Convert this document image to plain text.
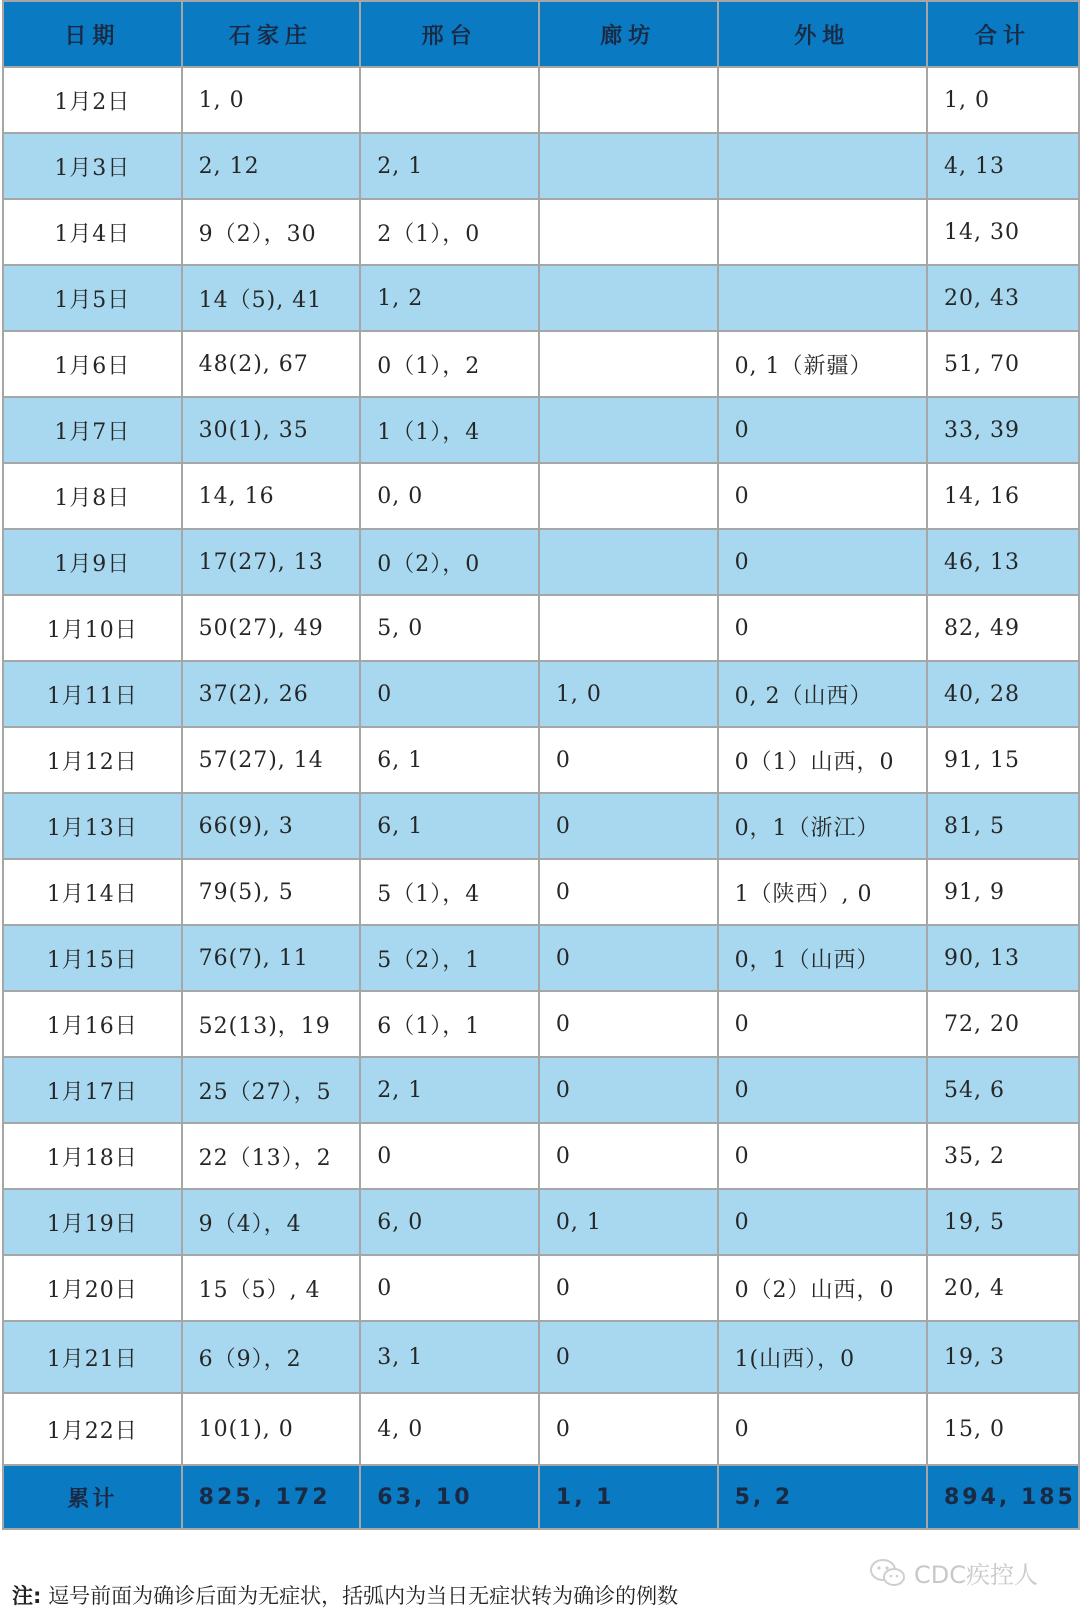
日期	石家庄	邢台	廊坊	外地	合计
1月2日	1, 0				1, 0
1月3日	2, 12	2, 1			4, 13
1月4日	9（2），30	2（1），0			14, 30
1月5日	14（5), 41	1, 2			20, 43
1月6日	48(2), 67	0（1），2		0, 1（新疆）	51, 70
1月7日	30(1), 35	1（1），4		0	33, 39
1月8日	14, 16	0, 0		0	14, 16
1月9日	17(27), 13	0（2），0		0	46, 13
1月10日	50(27), 49	5, 0		0	82, 49
1月11日	37(2), 26	0	1, 0	0, 2（山西）	40, 28
1月12日	57(27), 14	6, 1	0	0（1）山西，0	91, 15
1月13日	66(9), 3	6, 1	0	0，1（浙江）	81, 5
1月14日	79(5), 5	5（1），4	0	1（陕西）, 0	91, 9
1月15日	76(7), 11	5（2），1	0	0，1（山西）	90, 13
1月16日	52(13)，19	6（1），1	0	0	72, 20
1月17日	25（27），5	2, 1	0	0	54, 6
1月18日	22（13），2	0	0	0	35, 2
1月19日	9（4），4	6, 0	0, 1	0	19, 5
1月20日	15（5）, 4	0	0	0（2）山西，0	20, 4
1月21日	6（9），2	3, 1	0	1(山西），0	19, 3
1月22日	10(1), 0	4, 0	0	0	15, 0
累计	825, 172	63, 10	1, 1	5, 2	894, 185
注: 逗号前面为确诊后面为无症状，括弧内为当日无症状转为确诊的例数
CDC疾控人
